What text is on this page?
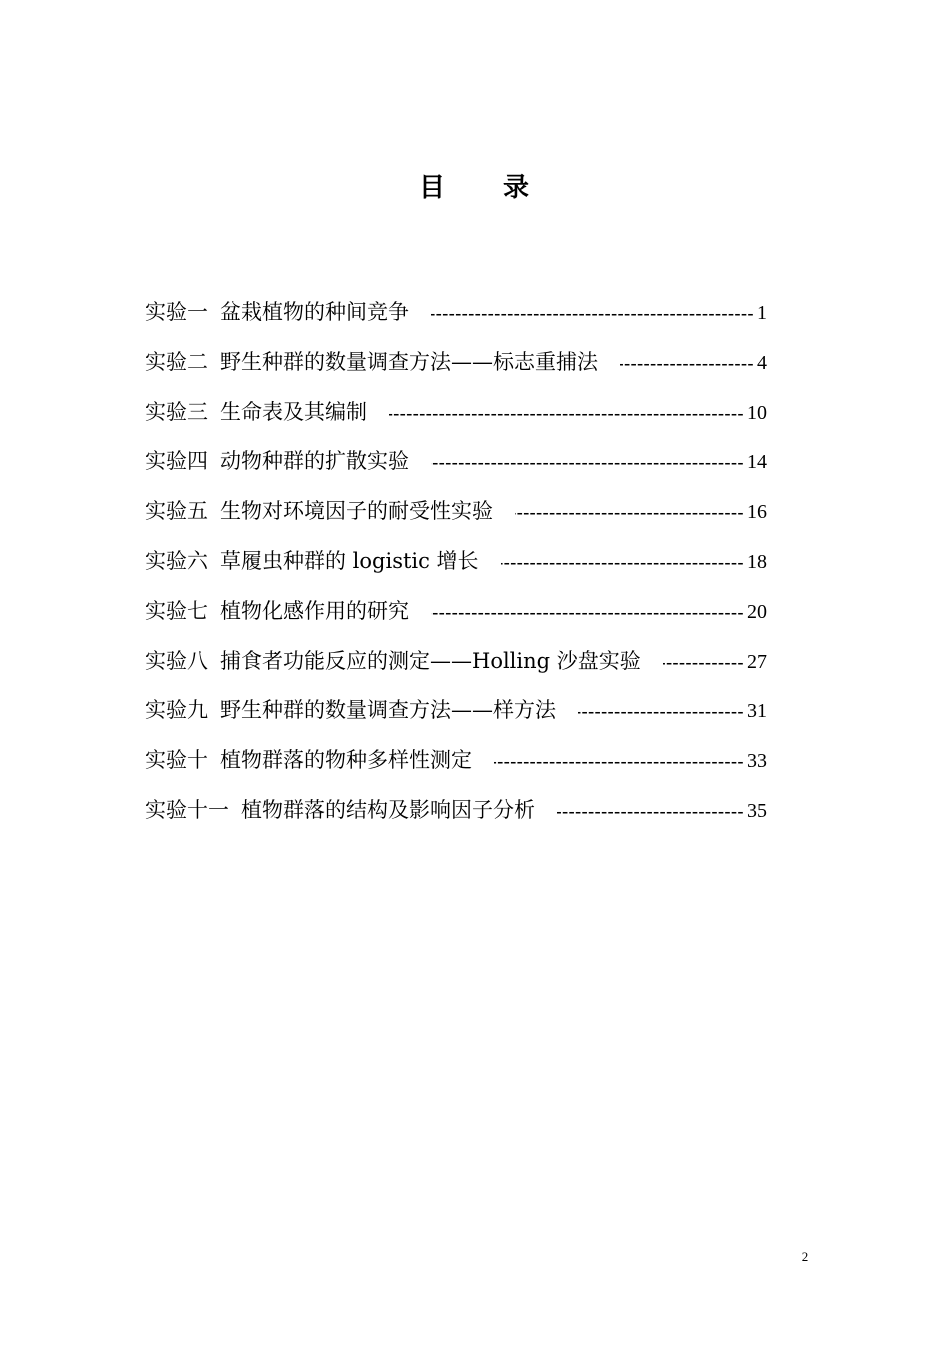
目　　录
实验一 盆栽植物的种间竞争 -----	1
实验二 野生种群的数量调查方法——标志重捕法 -----	4
实验三 生命表及其编制 -----	10
实验四 动物种群的扩散实验 -----	14
实验五 生物对环境因子的耐受性实验 -----	16
实验六 草履虫种群的 logistic 增长 -----	18
实验七 植物化感作用的研究 -----	20
实验八 捕食者功能反应的测定——Holling 沙盘实验 -----	27
实验九 野生种群的数量调查方法——样方法 -----	31
实验十 植物群落的物种多样性测定 -----	33
实验十一 植物群落的结构及影响因子分析 -----	35
2
